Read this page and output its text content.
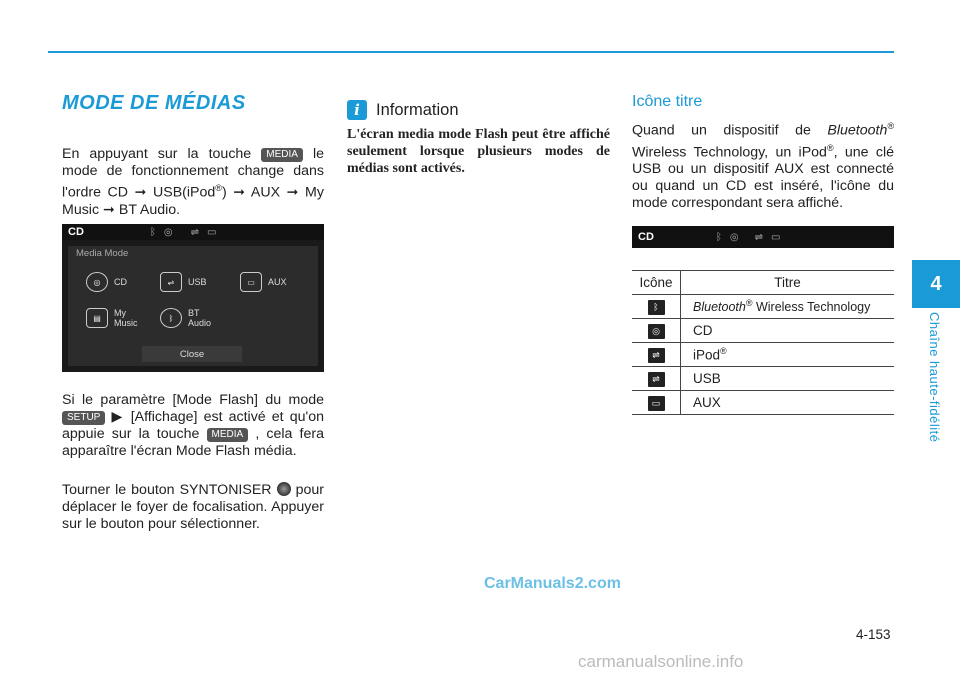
4
Chaîne haute-fidélité
MODE DE MÉDIAS
En appuyant sur la touche MEDIA le mode de fonctionnement change dans l'ordre CD ➞ USB(iPod®) ➞ AUX ➞ My Music ➞ BT Audio.
CD	ᛒ ◎ ⇌ ▭
Media Mode
◎	CD	⇌	USB	▭	AUX
▤	My Music	ᛒ	BT Audio
Close
Si le paramètre [Mode Flash] du mode SETUP ▶ [Affichage] est activé et qu'on appuie sur la touche MEDIA , cela fera apparaître l'écran Mode Flash média.
Tourner le bouton SYNTONISER pour déplacer le foyer de focalisation. Appuyer sur le bouton pour sélectionner.
i Information
L'écran media mode Flash peut être affiché seulement lorsque plusieurs modes de médias sont activés.
Icône titre
Quand un dispositif de Bluetooth® Wireless Technology, un iPod®, une clé USB ou un dispositif AUX est connecté ou quand un CD est inséré, l'icône du mode correspondant sera affiché.
CD	ᛒ ◎ ⇌ ▭
Icône	Titre
ᛒ	Bluetooth® Wireless Technology
◎	CD
⇌	iPod®
⇌	USB
▭	AUX
CarManuals2.com
4-153
carmanualsonline.info
